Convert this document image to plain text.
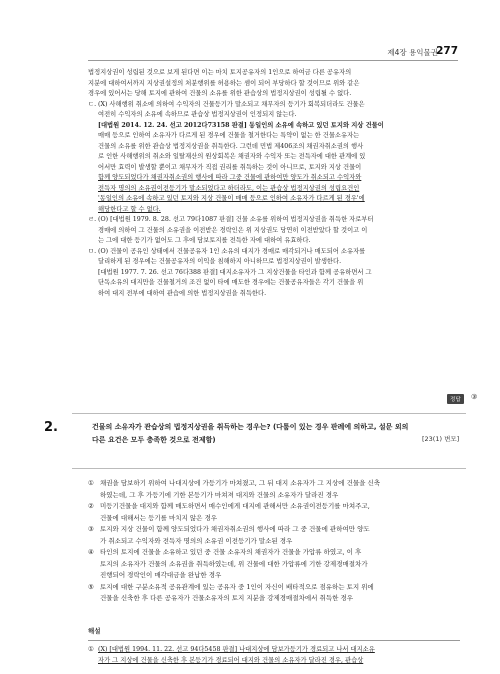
제4장 용익물권
277
법정지상권이 성립된 것으로 보게 된다면 이는 마치 토지공유자의 1인으로 하여금 다른 공유자의
지분에 대하여서까지 지상권설정의 처분행위를 허용하는 셈이 되어 부당하다 할 것이므로 위와 같은
경우에 있어서는 당해 토지에 관하여 건물의 소유를 위한 관습상의 법정지상권이 성립될 수 없다.
ㄷ. (X) 사해행위 취소에 의하여 수익자의 건물등기가 말소되고 채무자의 등기가 회복되더라도 건물은
여전히 수익자의 소유에 속하므로 관습상 법정지상권이 인정되지 않는다.
[대법원 2014. 12. 24. 선고 2012다73158 판결] 동일인의 소유에 속하고 있던 토지와 지상 건물이
매매 등으로 인하여 소유자가 다르게 된 경우에 건물을 철거한다는 특약이 없는 한 건물소유자는
건물의 소유를 위한 관습상 법정지상권을 취득한다. 그런데 민법 제406조의 채권자취소권의 행사
로 인한 사해행위의 취소와 일탈재산의 원상회복은 채권자와 수익자 또는 전득자에 대한 관계에 있
어서만 효력이 발생할 뿐이고 채무자가 직접 권리를 취득하는 것이 아니므로, 토지와 지상 건물이
함께 양도되었다가 채권자취소권의 행사에 따라 그중 건물에 관하여만 양도가 취소되고 수익자와
전득자 명의의 소유권이전등기가 말소되었다고 하더라도, 이는 관습상 법정지상권의 성립요건인
'동일인의 소유에 속하고 있던 토지와 지상 건물이 매매 등으로 인하여 소유자가 다르게 된 경우'에
해당한다고 할 수 없다.
ㄹ. (O) [대법원 1979. 8. 28. 선고 79다1087 판결] 건물 소유를 위하여 법정지상권을 취득한 자로부터
경매에 의하여 그 건물의 소유권을 이전받은 경락인은 위 지상권도 당연히 이전받았다 할 것이고 이
는 그에 대한 등기가 없어도 그 후에 담보토지를 전득한 자에 대하여 유효하다.
ㅁ. (O) 건물이 공유인 상태에서 건물공유자 1인 소유의 대지가 경매로 매각되거나 매도되어 소유자를
달리하게 된 경우에는 건물공유자의 이익을 침해하지 아니하므로 법정지상권이 발생한다.
[대법원 1977. 7. 26. 선고 76다388 판결] 대지소유자가 그 지상건물을 타인과 함께 공유하면서 그
단독소유의 대지만을 건물철거의 조건 없이 타에 매도한 경우에는 건물공유자들은 각기 건물을 위
하여 대지 전부에 대하여 관습에 의한 법정지상권을 취득한다.
정답	③
2.	건물의 소유자가 관습상의 법정지상권을 취득하는 경우는? (다툼이 있는 경우 판례에 의하고, 설문 외의
다른 요건은 모두 충족한 것으로 전제함)	[23(1) 변모]
① 채권을 담보하기 위하여 나대지상에 가등기가 마쳐졌고, 그 뒤 대지 소유자가 그 지상에 건물을 신축
하였는데, 그 후 가등기에 기한 본등기가 마쳐져 대지와 건물의 소유자가 달라진 경우
② 미등기건물을 대지와 함께 매도하면서 매수인에게 대지에 관해서만 소유권이전등기를 마쳐주고,
건물에 대해서는 등기를 마치지 않은 경우
③ 토지와 지상 건물이 함께 양도되었다가 채권자취소권의 행사에 따라 그 중 건물에 관하여만 양도
가 취소되고 수익자와 전득자 명의의 소유권 이전등기가 말소된 경우
④ 타인의 토지에 건물을 소유하고 있던 중 건물 소유자의 채권자가 건물을 가압류 하였고, 이 후
토지의 소유자가 건물의 소유권을 취득하였는데, 위 건물에 대한 가압류에 기한 강제경매절차가
진행되어 경락인이 매각대금을 완납한 경우
⑤ 토지에 대한 구분소유적 공유관계에 있는 공유자 중 1인이 자신이 배타적으로 점유하는 토지 위에
건물을 신축한 후 다른 공유자가 건물소유자의 토지 지분을 강제경매절차에서 취득한 경우
해설
① (X) [대법원 1994. 11. 22. 선고 94다5458 판결] 나대지상에 담보가등기가 경료되고 나서 대지소유
자가 그 지상에 건물을 신축한 후 본등기가 경료되어 대지와 건물의 소유자가 달라진 경우, 관습상
